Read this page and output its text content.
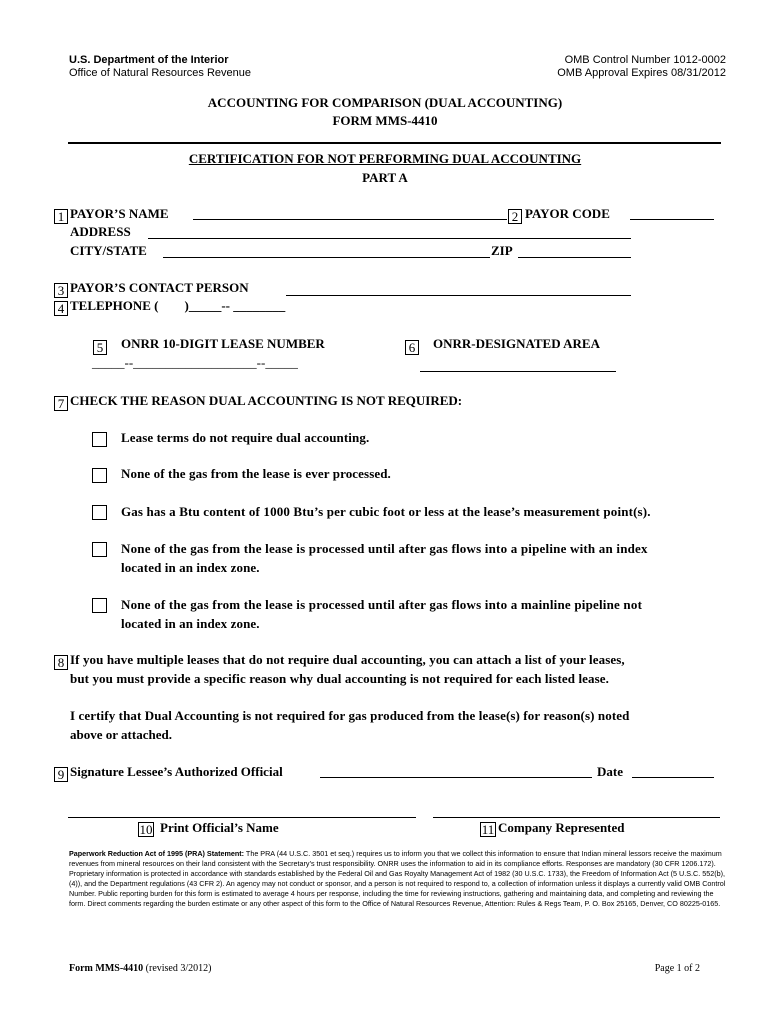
U.S. Department of the Interior
Office of Natural Resources Revenue
OMB Control Number 1012-0002
OMB Approval Expires 08/31/2012
ACCOUNTING FOR COMPARISON (DUAL ACCOUNTING)
FORM MMS-4410
CERTIFICATION FOR NOT PERFORMING DUAL ACCOUNTING
PART A
1 PAYOR’S NAME	2 PAYOR CODE
ADDRESS
CITY/STATE	ZIP
3 PAYOR’S CONTACT PERSON
4 TELEPHONE (        )_____-- ________
5 ONRR 10-DIGIT LEASE NUMBER
_____--___________________--_____
6 ONRR-DESIGNATED AREA
7 CHECK THE REASON DUAL ACCOUNTING IS NOT REQUIRED:
Lease terms do not require dual accounting.
None of the gas from the lease is ever processed.
Gas has a Btu content of 1000 Btu’s per cubic foot or less at the lease’s measurement point(s).
None of the gas from the lease is processed until after gas flows into a pipeline with an index
located in an index zone.
None of the gas from the lease is processed until after gas flows into a mainline pipeline not
located in an index zone.
8 If you have multiple leases that do not require dual accounting, you can attach a list of your leases,
but you must provide a specific reason why dual accounting is not required for each listed lease.
I certify that Dual Accounting is not required for gas produced from the lease(s) for reason(s) noted
above or attached.
9 Signature Lessee’s Authorized Official	Date
10 Print Official’s Name	11 Company Represented
Paperwork Reduction Act of 1995 (PRA) Statement: The PRA (44 U.S.C. 3501 et seq.) requires us to inform you that we collect this information to ensure that Indian mineral lessors receive the maximum revenues from mineral resources on their land consistent with the Secretary’s trust responsibility. ONRR uses the information to aid in its compliance efforts. Responses are mandatory (30 CFR 1206.172). Proprietary information is protected in accordance with standards established by the Federal Oil and Gas Royalty Management Act of 1982 (30 U.S.C. 1733), the Freedom of Information Act (5 U.S.C. 552(b), (4)), and the Department regulations (43 CFR 2). An agency may not conduct or sponsor, and a person is not required to respond to, a collection of information unless it displays a currently valid OMB Control Number. Public reporting burden for this form is estimated to average 4 hours per response, including the time for reviewing instructions, gathering and maintaining data, and completing and reviewing the form. Direct comments regarding the burden estimate or any other aspect of this form to the Office of Natural Resources Revenue, Attention: Rules & Regs Team, P. O. Box 25165, Denver, CO 80225-0165.
Form MMS-4410 (revised 3/2012)	Page 1 of 2
